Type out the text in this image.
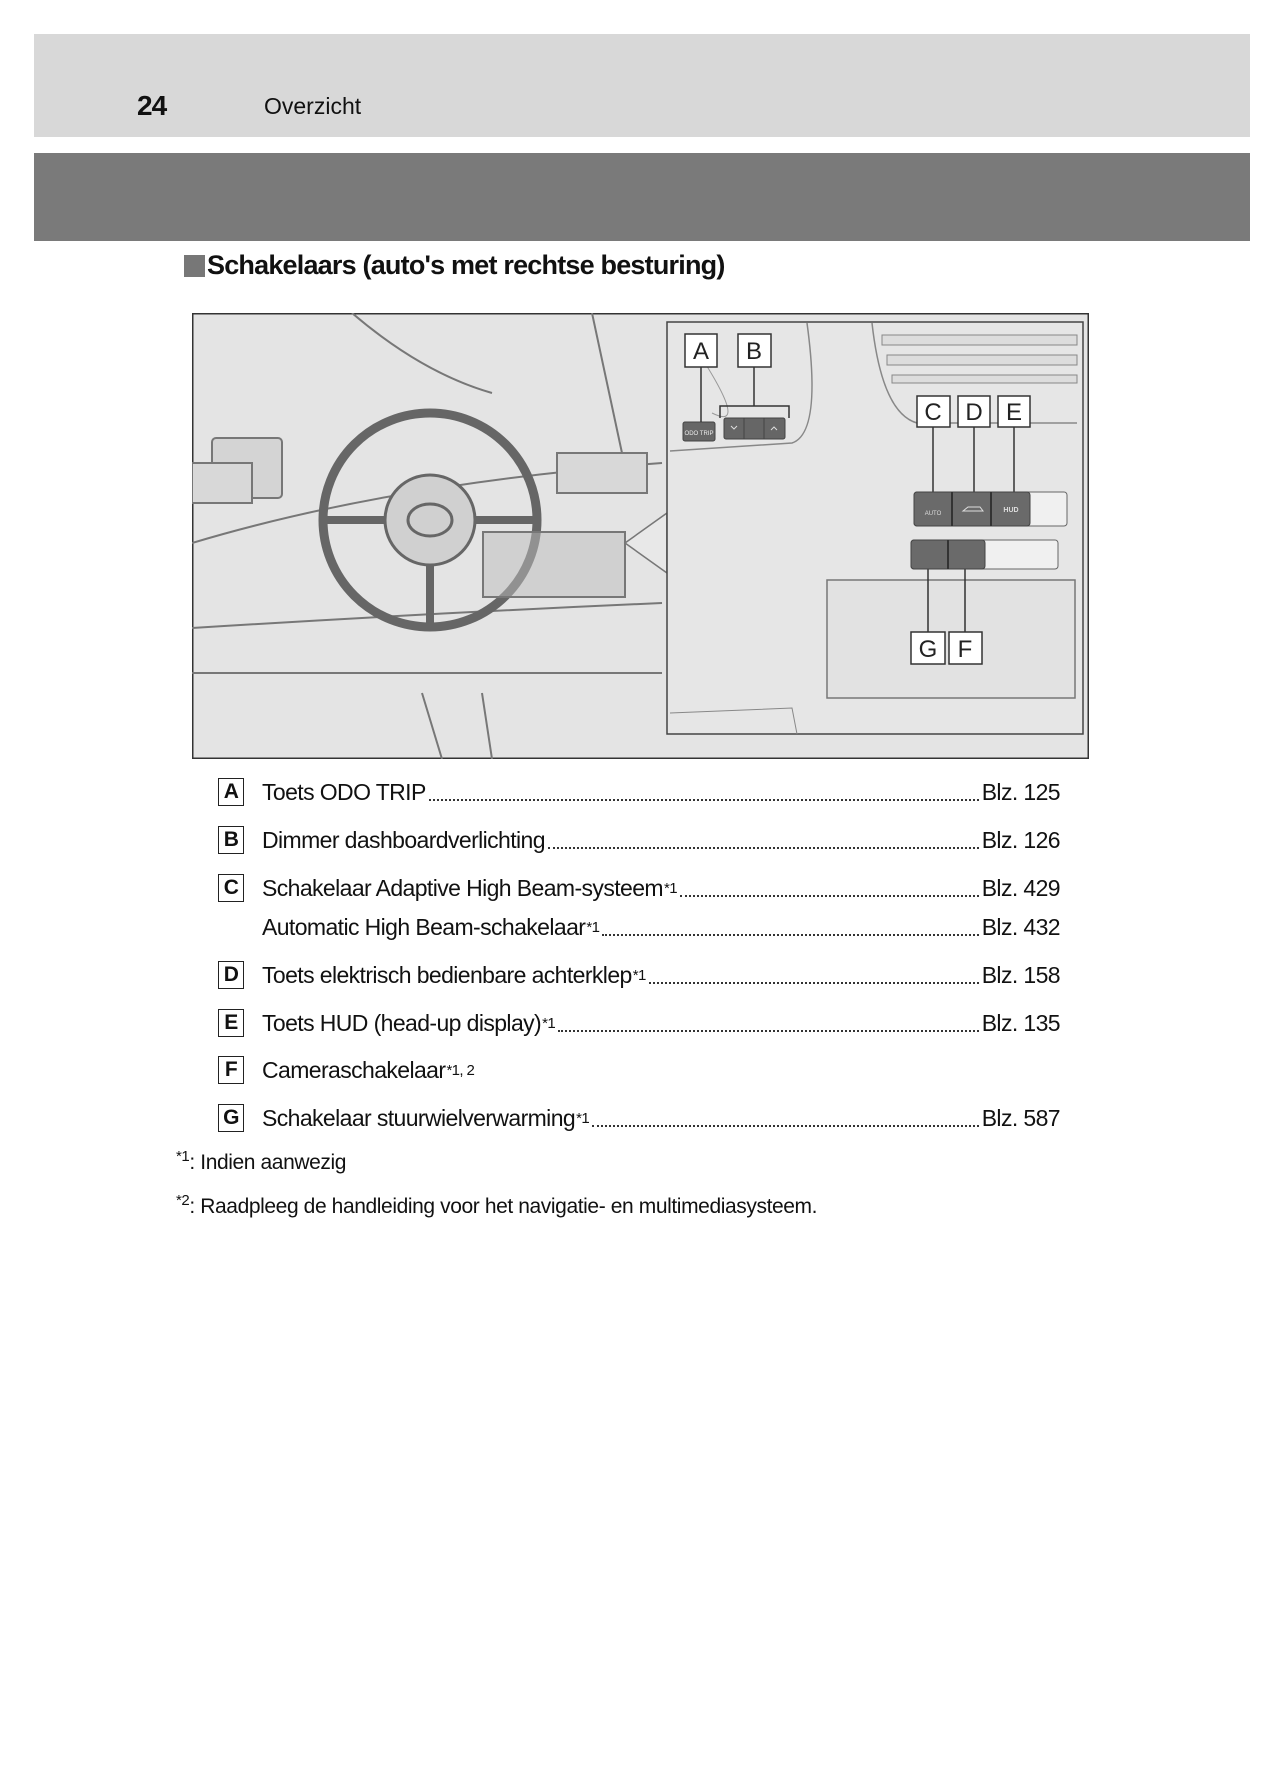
24	Overzicht
Schakelaars (auto's met rechtse besturing)
ODO TRIP
AUTO	HUD
A B
C D E
G F
A Toets ODO TRIP	Blz. 125
B Dimmer dashboardverlichting	Blz. 126
C Schakelaar Adaptive High Beam-systeem *1	Blz. 429
Automatic High Beam-schakelaar *1	Blz. 432
D Toets elektrisch bedienbare achterklep *1	Blz. 158
E Toets HUD (head-up display) *1	Blz. 135
F Cameraschakelaar *1, 2
G Schakelaar stuurwielverwarming *1	Blz. 587
$^{*1}$: Indien aanwezig
$^{*2}$: Raadpleeg de handleiding voor het navigatie- en multimediasysteem.
